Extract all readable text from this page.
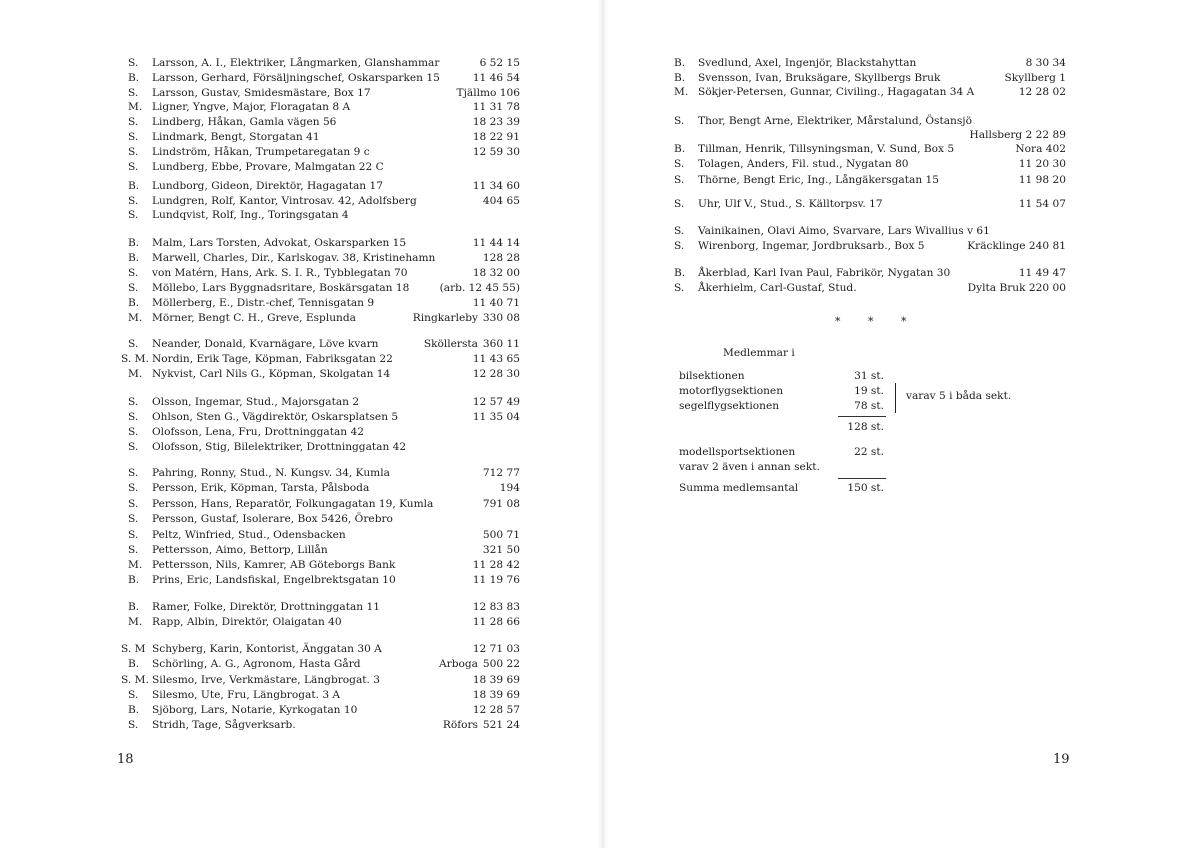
S. Larsson, A. I., Elektriker, Långmarken, Glanshammar	6 52 15
B. Larsson, Gerhard, Försäljningschef, Oskarsparken 15	11 46 54
S. Larsson, Gustav, Smidesmästare, Box 17	Tjällmo 106
M. Ligner, Yngve, Major, Floragatan 8 A	11 31 78
S. Lindberg, Håkan, Gamla vägen 56	18 23 39
S. Lindmark, Bengt, Storgatan 41	18 22 91
S. Lindström, Håkan, Trumpetaregatan 9 c	12 59 30
S. Lundberg, Ebbe, Provare, Malmgatan 22 C
B. Lundborg, Gideon, Direktör, Hagagatan 17	11 34 60
S. Lundgren, Rolf, Kantor, Vintrosav. 42, Adolfsberg	404 65
S. Lundqvist, Rolf, Ing., Toringsgatan 4
B. Malm, Lars Torsten, Advokat, Oskarsparken 15	11 44 14
B. Marwell, Charles, Dir., Karlskogav. 38, Kristinehamn	128 28
S. von Matérn, Hans, Ark. S. I. R., Tybblegatan 70	18 32 00
S. Möllebo, Lars Byggnadsritare, Boskärsgatan 18	(arb. 12 45 55)
B. Möllerberg, E., Distr.-chef, Tennisgatan 9	11 40 71
M. Mörner, Bengt C. H., Greve, Esplunda	Ringkarleby 330 08
S. Neander, Donald, Kvarnägare, Löve kvarn	Sköllersta 360 11
S. M. Nordin, Erik Tage, Köpman, Fabriksgatan 22	11 43 65
M. Nykvist, Carl Nils G., Köpman, Skolgatan 14	12 28 30
S. Olsson, Ingemar, Stud., Majorsgatan 2	12 57 49
S. Ohlson, Sten G., Vägdirektör, Oskarsplatsen 5	11 35 04
S. Olofsson, Lena, Fru, Drottninggatan 42
S. Olofsson, Stig, Bilelektriker, Drottninggatan 42
S. Pahring, Ronny, Stud., N. Kungsv. 34, Kumla	712 77
S. Persson, Erik, Köpman, Tarsta, Pålsboda	194
S. Persson, Hans, Reparatör, Folkungagatan 19, Kumla	791 08
S. Persson, Gustaf, Isolerare, Box 5426, Örebro
S. Peltz, Winfried, Stud., Odensbacken	500 71
S. Pettersson, Aimo, Bettorp, Lillån	321 50
M. Pettersson, Nils, Kamrer, AB Göteborgs Bank	11 28 42
B. Prins, Eric, Landsfiskal, Engelbrektsgatan 10	11 19 76
B. Ramer, Folke, Direktör, Drottninggatan 11	12 83 83
M. Rapp, Albin, Direktör, Olaigatan 40	11 28 66
S. M Schyberg, Karin, Kontorist, Änggatan 30 A	12 71 03
B. Schörling, A. G., Agronom, Hasta Gård	Arboga 500 22
S. M. Silesmo, Irve, Verkmästare, Längbrogat. 3	18 39 69
S. Silesmo, Ute, Fru, Längbrogat. 3 A	18 39 69
B. Sjöborg, Lars, Notarie, Kyrkogatan 10	12 28 57
S. Stridh, Tage, Sågverksarb.	Röfors 521 24
18
B. Svedlund, Axel, Ingenjör, Blackstahyttan	8 30 34
B. Svensson, Ivan, Bruksägare, Skyllbergs Bruk	Skyllberg 1
M. Sökjer-Petersen, Gunnar, Civiling., Hagagatan 34 A	12 28 02
S. Thor, Bengt Arne, Elektriker, Mårstalund, Östansjö
Hallsberg 2 22 89
B. Tillman, Henrik, Tillsyningsman, V. Sund, Box 5	Nora 402
S. Tolagen, Anders, Fil. stud., Nygatan 80	11 20 30
S. Thörne, Bengt Eric, Ing., Långäkersgatan 15	11 98 20
S. Uhr, Ulf V., Stud., S. Källtorpsv. 17	11 54 07
S. Vainikainen, Olavi Aimo, Svarvare, Lars Wivallius v 61
S. Wirenborg, Ingemar, Jordbruksarb., Box 5	Kräcklinge 240 81
B. Åkerblad, Karl Ivan Paul, Fabrikör, Nygatan 30	11 49 47
S. Åkerhielm, Carl-Gustaf, Stud.	Dylta Bruk 220 00
19
* * *
Medlemmar i
bilsektionen	31 st.
motorflygsektionen	19 st.
segelflygsektionen	78 st.
varav 5 i båda sekt.
128 st.
modellsportsektionen	22 st.
varav 2 även i annan sekt.
Summa medlemsantal	150 st.
